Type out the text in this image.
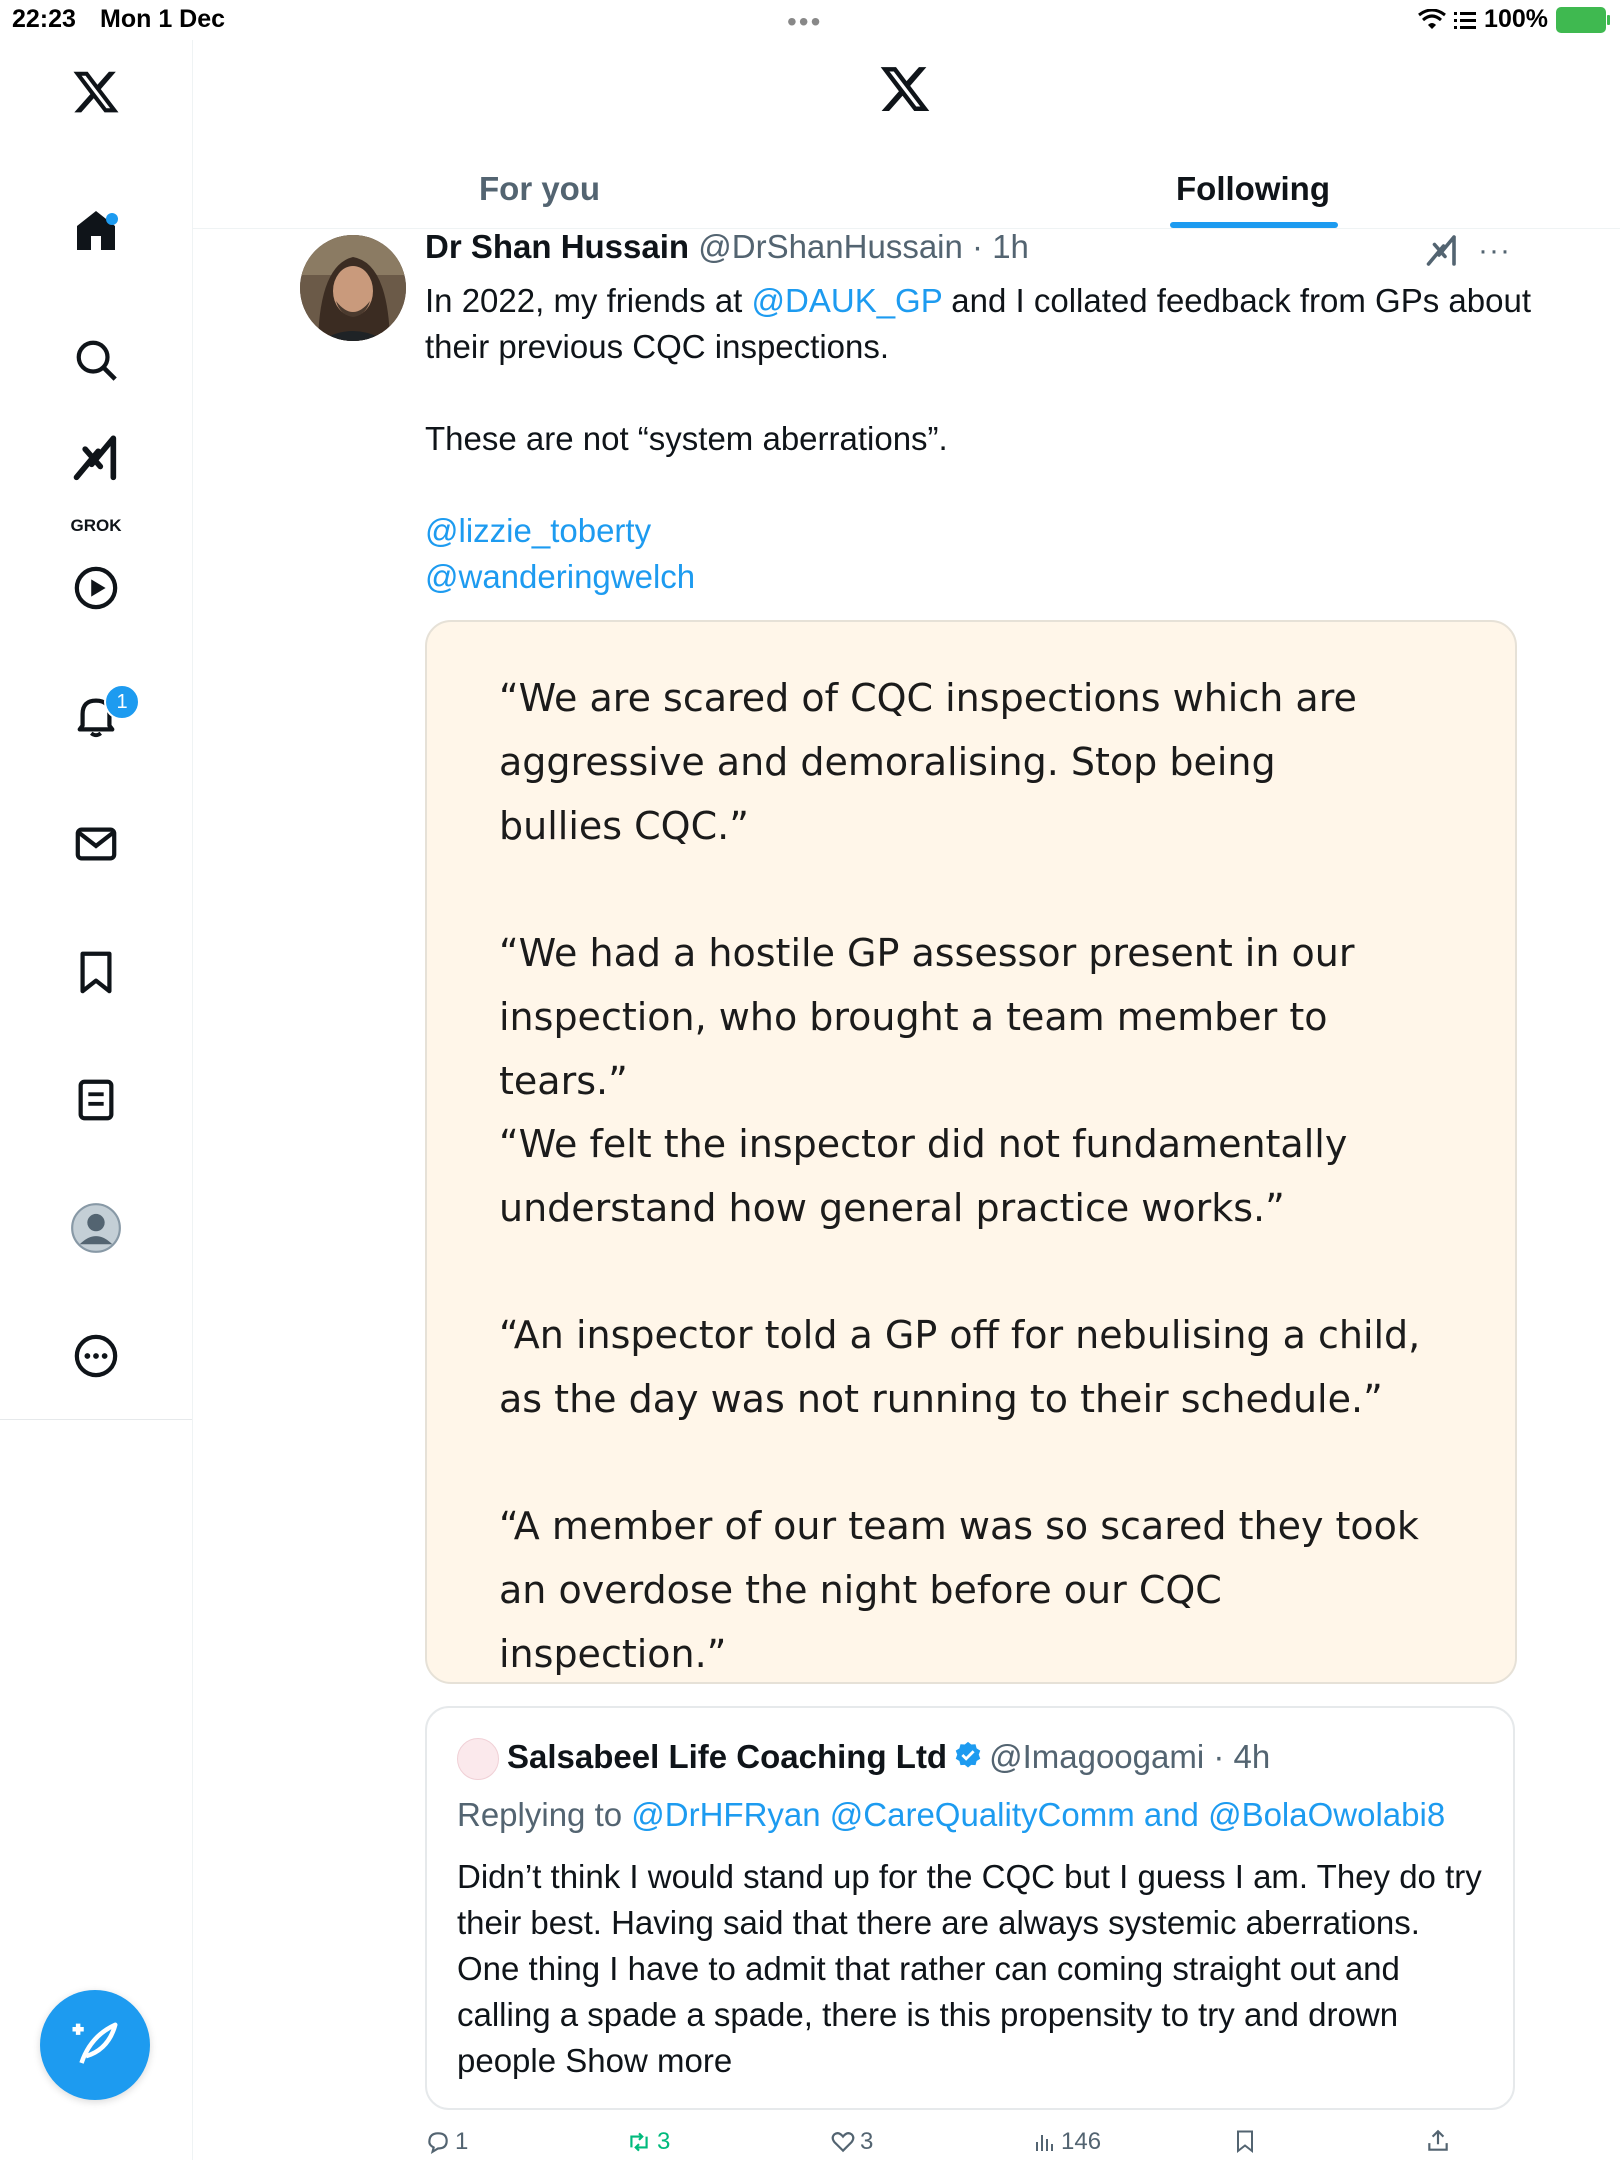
22:23 Mon 1 Dec	•••	100%
GROK
1
For you	Following
Dr Shan Hussain @DrShanHussain · 1h	···

In 2022, my friends at @DAUK_GP and I collated feedback from GPs about their previous CQC inspections.

These are not “system aberrations”.

@lizzie_toberty

@wanderingwelch

“We are scared of CQC inspections which are aggressive and demoralising. Stop being bullies CQC.”
“We had a hostile GP assessor present in our inspection, who brought a team member to tears.”
“We felt the inspector did not fundamentally understand how general practice works.”
“An inspector told a GP off for nebulising a child, as the day was not running to their schedule.”
“A member of our team was so scared they took an overdose the night before our CQC inspection.”
Salsabeel Life Coaching Ltd @Imagoogami · 4h
Replying to @DrHFRyan @CareQualityComm and @BolaOwolabi8
Didn’t think I would stand up for the CQC but I guess I am. They do try their best. Having said that there are always systemic aberrations. One thing I have to admit that rather can coming straight out and calling a spade a spade, there is this propensity to try and drown people Show more
1	3	3	146
